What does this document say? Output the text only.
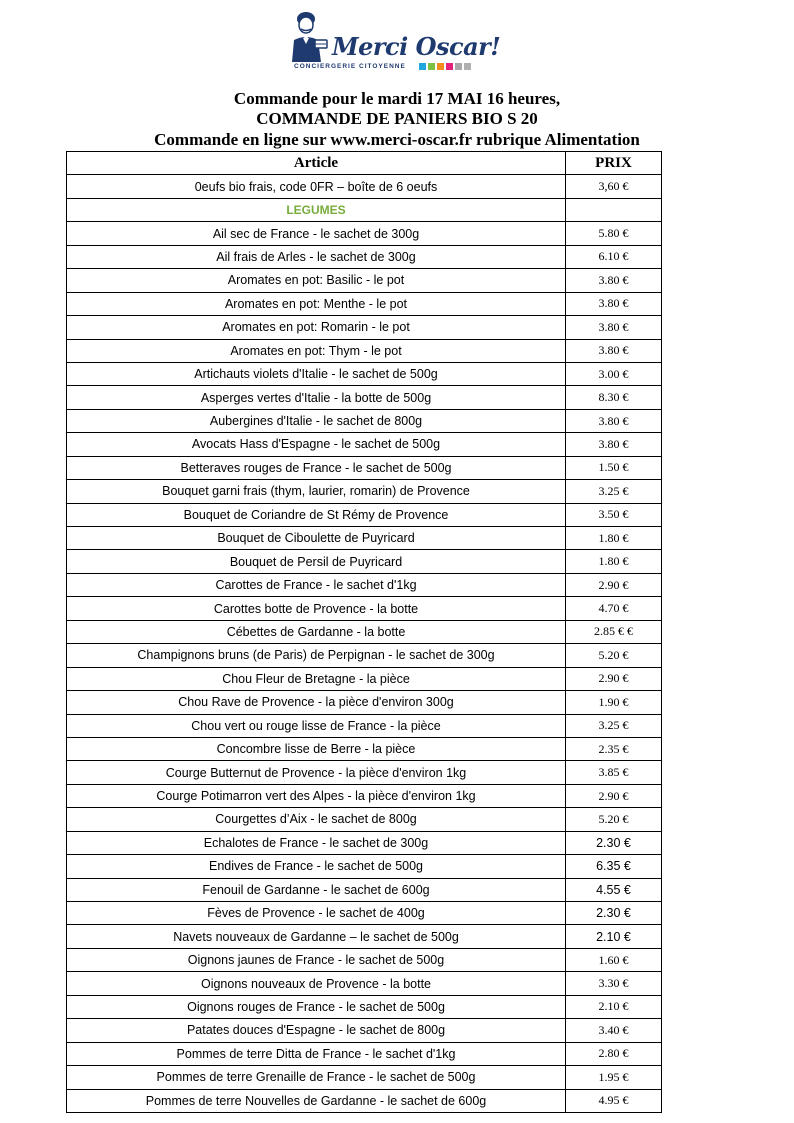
Merci Oscar!
CONCIERGERIE CITOYENNE
Commande pour le mardi 17 MAI 16 heures,
COMMANDE DE PANIERS BIO S 20
Commande en ligne sur www.merci-oscar.fr rubrique Alimentation
Article	PRIX
0eufs bio frais, code 0FR – boîte de 6 oeufs	3,60 €
LEGUMES	
Ail sec de France - le sachet de 300g	5.80 €
Ail frais de Arles - le sachet de 300g	6.10 €
Aromates en pot: Basilic - le pot	3.80 €
Aromates en pot: Menthe - le pot	3.80 €
Aromates en pot: Romarin - le pot	3.80 €
Aromates en pot: Thym - le pot	3.80 €
Artichauts violets d'Italie - le sachet de 500g	3.00 €
Asperges vertes d'Italie - la botte de 500g	8.30 €
Aubergines d'Italie - le sachet de 800g	3.80 €
Avocats Hass d'Espagne - le sachet de 500g	3.80 €
Betteraves rouges de France - le sachet de 500g	1.50 €
Bouquet garni frais (thym, laurier, romarin) de Provence	3.25 €
Bouquet de Coriandre de St Rémy de Provence	3.50 €
Bouquet de Ciboulette de Puyricard	1.80 €
Bouquet de Persil de Puyricard	1.80 €
Carottes de France - le sachet d'1kg	2.90 €
Carottes botte de Provence - la botte	4.70 €
Cébettes de Gardanne - la botte	2.85 € €
Champignons bruns (de Paris) de Perpignan - le sachet de 300g	5.20 €
Chou Fleur de Bretagne - la pièce	2.90 €
Chou Rave de Provence - la pièce d'environ 300g	1.90 €
Chou vert ou rouge lisse de France - la pièce	3.25 €
Concombre lisse de Berre - la pièce	2.35 €
Courge Butternut de Provence - la pièce d'environ 1kg	3.85 €
Courge Potimarron vert des Alpes - la pièce d'environ 1kg	2.90 €
Courgettes d’Aix - le sachet de 800g	5.20 €
Echalotes de France - le sachet de 300g	2.30 €
Endives de France - le sachet de 500g	6.35 €
Fenouil de Gardanne - le sachet de 600g	4.55 €
Fèves de Provence - le sachet de 400g	2.30 €
Navets nouveaux de Gardanne – le sachet de 500g	2.10 €
Oignons jaunes de France - le sachet de 500g	1.60 €
Oignons nouveaux de Provence - la botte	3.30 €
Oignons rouges de France - le sachet de 500g	2.10 €
Patates douces d'Espagne - le sachet de 800g	3.40 €
Pommes de terre Ditta de France - le sachet d'1kg	2.80 €
Pommes de terre Grenaille de France - le sachet de 500g	1.95 €
Pommes de terre Nouvelles de Gardanne - le sachet de 600g	4.95 €
